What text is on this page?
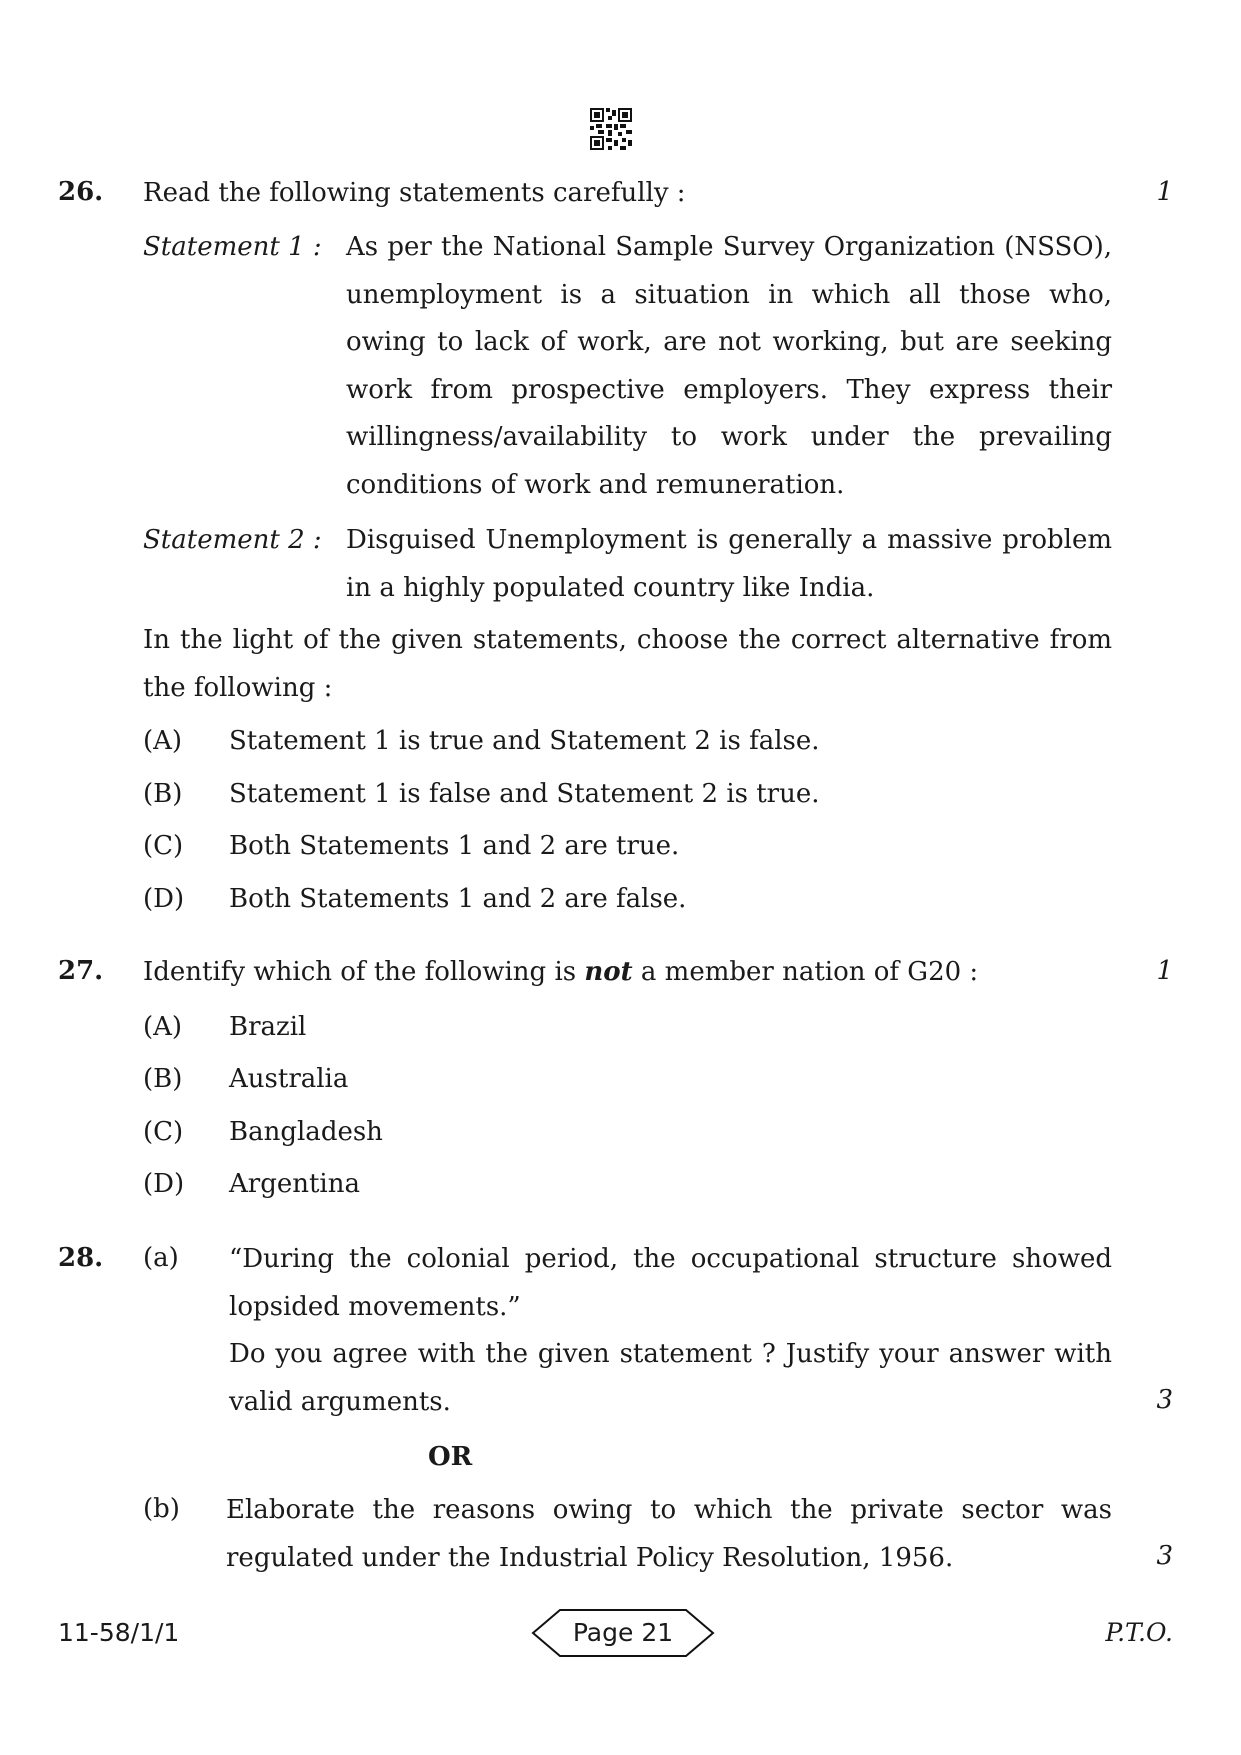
26. Read the following statements carefully :	1
Statement 1 : As per the National Sample Survey Organization (NSSO),
unemployment is a situation in which all those who,
owing to lack of work, are not working, but are seeking
work from prospective employers. They express their
willingness/availability to work under the prevailing
conditions of work and remuneration.
Statement 2 : Disguised Unemployment is generally a massive problem
in a highly populated country like India.
In the light of the given statements, choose the correct alternative from
the following :
(A) Statement 1 is true and Statement 2 is false.
(B) Statement 1 is false and Statement 2 is true.
(C) Both Statements 1 and 2 are true.
(D) Both Statements 1 and 2 are false.
27. Identify which of the following is not a member nation of G20 :	1
(A) Brazil
(B) Australia
(C) Bangladesh
(D) Argentina
28. (a) “During the colonial period, the occupational structure showed
lopsided movements.”
Do you agree with the given statement ? Justify your answer with
valid arguments.	3
OR
(b) Elaborate the reasons owing to which the private sector was
regulated under the Industrial Policy Resolution, 1956.	3
11-58/1/1	Page 21	P.T.O.
